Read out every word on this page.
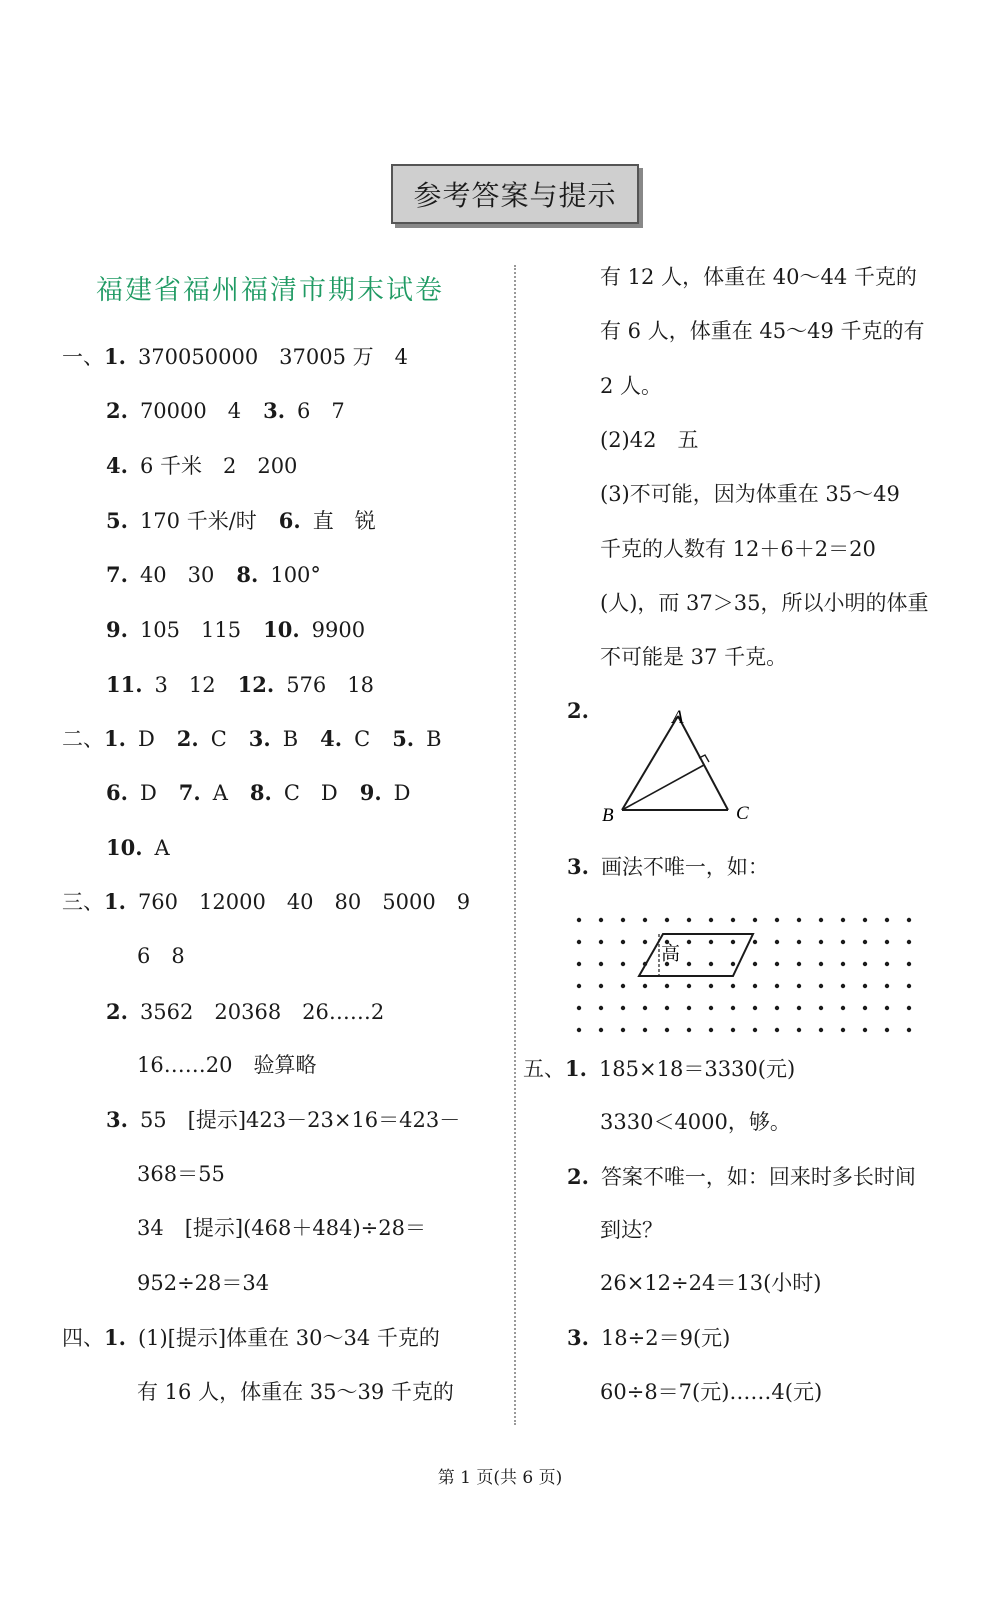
参考答案与提示
福建省福州福清市期末试卷
一、1. 370050000　37005 万　4
2. 70000　4 3. 6　7
4. 6 千米　2　200
5. 170 千米/时 6. 直　锐
7. 40　30 8. 100°
9. 105　115 10. 9900
11. 3　12 12. 576　18
二、1. D 2. C 3. B 4. C 5. B
6. D 7. A 8. C　D 9. D
10. A
三、1. 760　12000　40　80　5000　9
6　8
2. 3562　20368　26……2
16……20　验算略
3. 55　[提示]423－23×16＝423－
368＝55
34　[提示](468＋484)÷28＝
952÷28＝34
四、1. (1)[提示]体重在 30～34 千克的
有 16 人，体重在 35～39 千克的
有 12 人，体重在 40～44 千克的
有 6 人，体重在 45～49 千克的有
2 人。
(2)42　五
(3)不可能，因为体重在 35～49
千克的人数有 12＋6＋2＝20
(人)，而 37＞35，所以小明的体重
不可能是 37 千克。
2.	A
B	C
3. 画法不唯一，如：
高
五、1. 185×18＝3330(元)
3330＜4000，够。
2. 答案不唯一，如：回来时多长时间
到达？
26×12÷24＝13(小时)
3. 18÷2＝9(元)
60÷8＝7(元)……4(元)
第 1 页(共 6 页)
